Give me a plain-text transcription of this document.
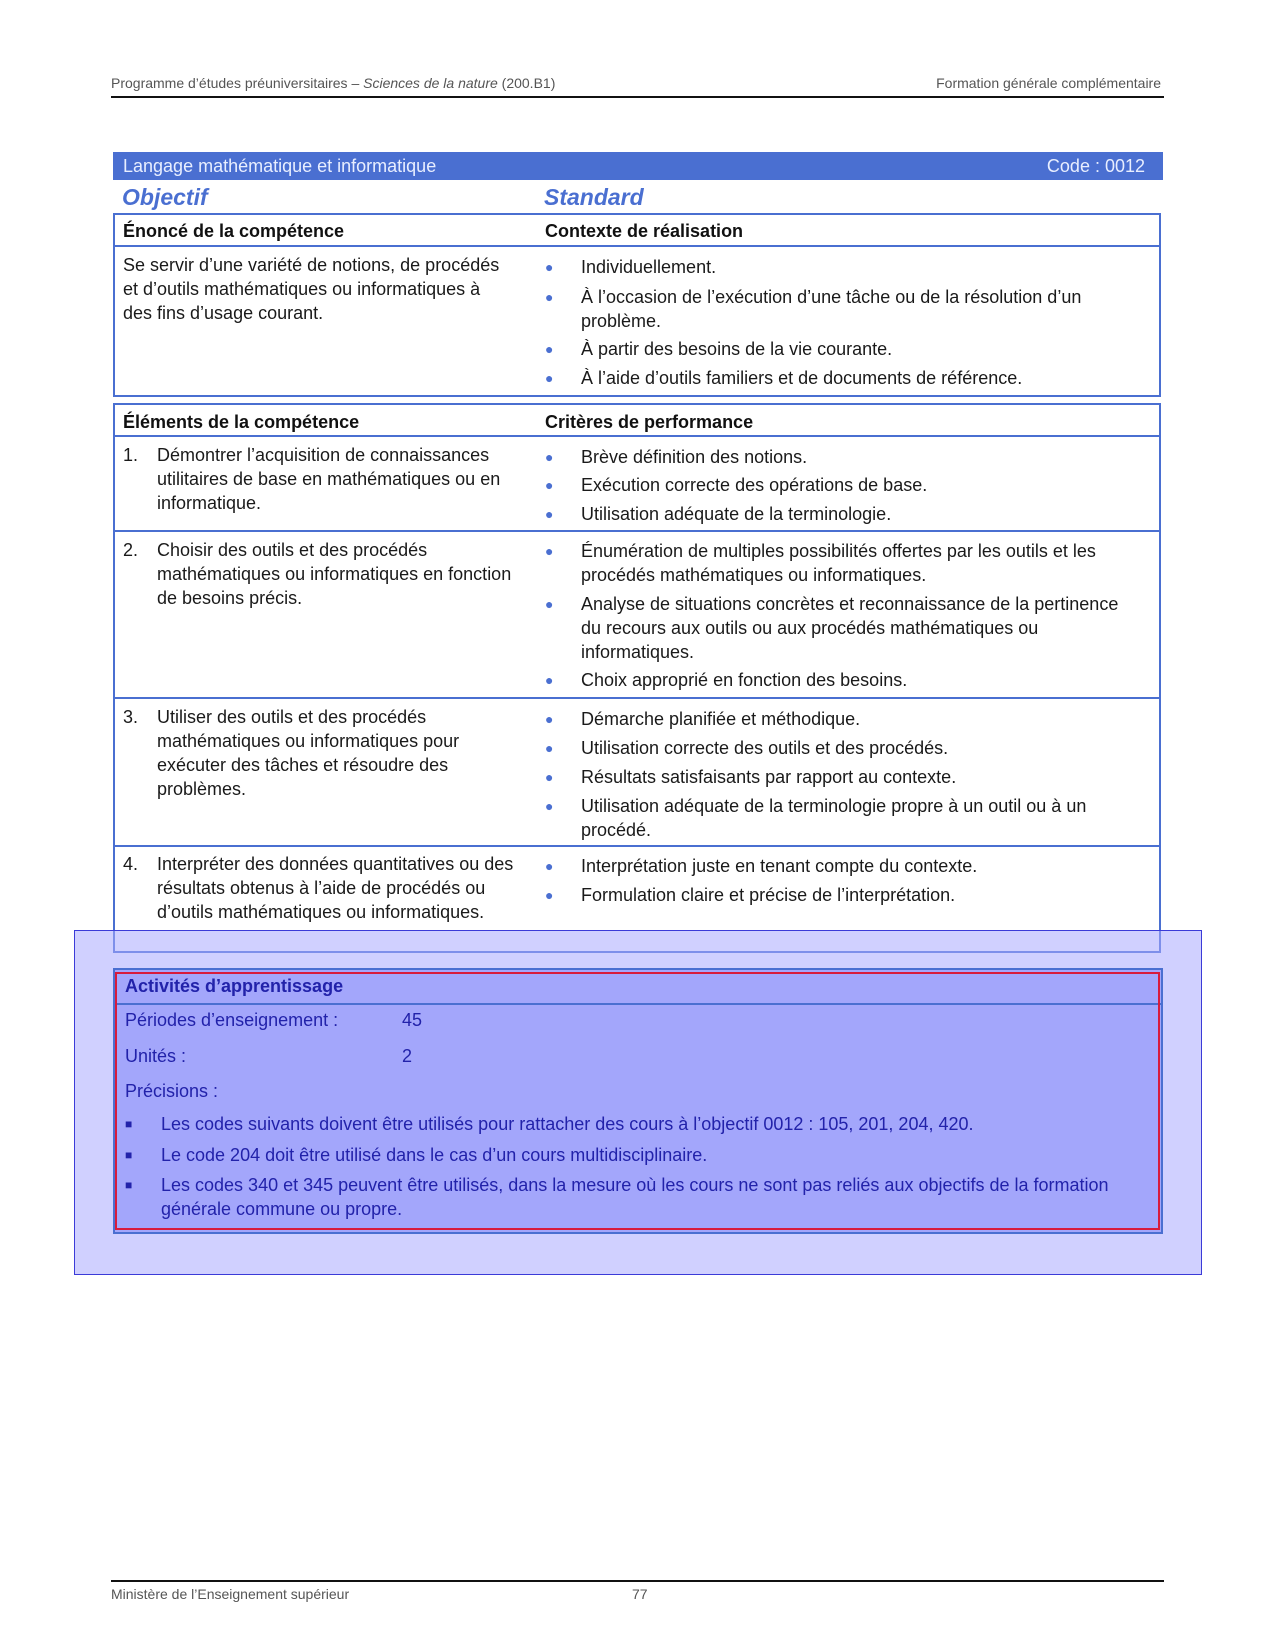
Programme d’études préuniversitaires – Sciences de la nature (200.B1)	Formation générale complémentaire
Langage mathématique et informatique	Code : 0012
Objectif	Standard
Énoncé de la compétence	Contexte de réalisation
Se servir d’une variété de notions, de procédés et d’outils mathématiques ou informatiques à des fins d’usage courant.
● Individuellement.
● À l’occasion de l’exécution d’une tâche ou de la résolution d’un problème.
● À partir des besoins de la vie courante.
● À l’aide d’outils familiers et de documents de référence.
Éléments de la compétence	Critères de performance
1. Démontrer l’acquisition de connaissances utilitaires de base en mathématiques ou en informatique.
● Brève définition des notions.
● Exécution correcte des opérations de base.
● Utilisation adéquate de la terminologie.
2. Choisir des outils et des procédés mathématiques ou informatiques en fonction de besoins précis.
● Énumération de multiples possibilités offertes par les outils et les procédés mathématiques ou informatiques.
● Analyse de situations concrètes et reconnaissance de la pertinence du recours aux outils ou aux procédés mathématiques ou informatiques.
● Choix approprié en fonction des besoins.
3. Utiliser des outils et des procédés mathématiques ou informatiques pour exécuter des tâches et résoudre des problèmes.
● Démarche planifiée et méthodique.
● Utilisation correcte des outils et des procédés.
● Résultats satisfaisants par rapport au contexte.
● Utilisation adéquate de la terminologie propre à un outil ou à un procédé.
4. Interpréter des données quantitatives ou des résultats obtenus à l’aide de procédés ou d’outils mathématiques ou informatiques.
● Interprétation juste en tenant compte du contexte.
● Formulation claire et précise de l’interprétation.
Activités d’apprentissage
Périodes d’enseignement :	45
Unités :	2
Précisions :
■ Les codes suivants doivent être utilisés pour rattacher des cours à l’objectif 0012 : 105, 201, 204, 420.
■ Le code 204 doit être utilisé dans le cas d’un cours multidisciplinaire.
■ Les codes 340 et 345 peuvent être utilisés, dans la mesure où les cours ne sont pas reliés aux objectifs de la formation générale commune ou propre.
Ministère de l’Enseignement supérieur	77
